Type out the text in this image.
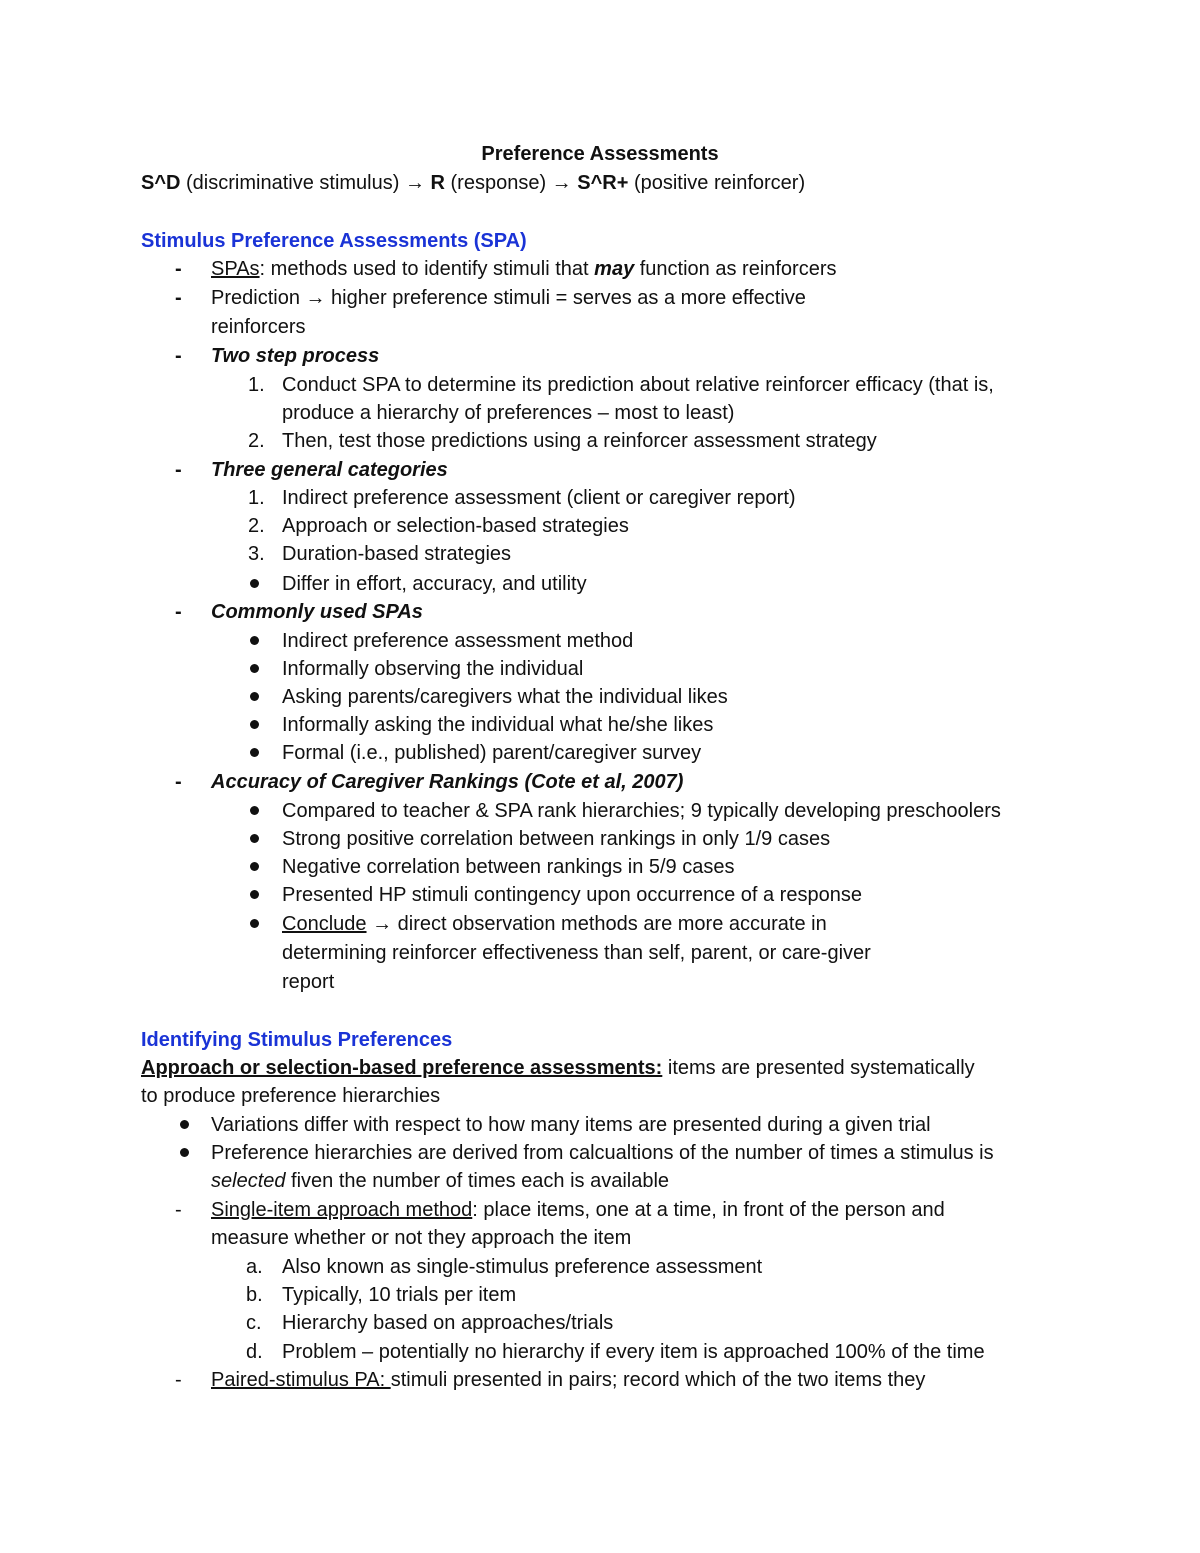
Preference Assessments
S^D (discriminative stimulus) → R (response) → S^R+ (positive reinforcer)
Stimulus Preference Assessments (SPA)
- SPAs: methods used to identify stimuli that may function as reinforcers
- Prediction → higher preference stimuli = serves as a more effective
reinforcers
- Two step process
1. Conduct SPA to determine its prediction about relative reinforcer efficacy (that is,
produce a hierarchy of preferences – most to least)
2. Then, test those predictions using a reinforcer assessment strategy
- Three general categories
1. Indirect preference assessment (client or caregiver report)
2. Approach or selection-based strategies
3. Duration-based strategies
Differ in effort, accuracy, and utility
- Commonly used SPAs
Indirect preference assessment method
Informally observing the individual
Asking parents/caregivers what the individual likes
Informally asking the individual what he/she likes
Formal (i.e., published) parent/caregiver survey
- Accuracy of Caregiver Rankings (Cote et al, 2007)
Compared to teacher & SPA rank hierarchies; 9 typically developing preschoolers
Strong positive correlation between rankings in only 1/9 cases
Negative correlation between rankings in 5/9 cases
Presented HP stimuli contingency upon occurrence of a response
Conclude → direct observation methods are more accurate in
determining reinforcer effectiveness than self, parent, or care-giver
report
Identifying Stimulus Preferences
Approach or selection-based preference assessments: items are presented systematically
to produce preference hierarchies
Variations differ with respect to how many items are presented during a given trial
Preference hierarchies are derived from calcualtions of the number of times a stimulus is
selected fiven the number of times each is available
- Single-item approach method: place items, one at a time, in front of the person and
measure whether or not they approach the item
a. Also known as single-stimulus preference assessment
b. Typically, 10 trials per item
c. Hierarchy based on approaches/trials
d. Problem – potentially no hierarchy if every item is approached 100% of the time
- Paired-stimulus PA: stimuli presented in pairs; record which of the two items they
